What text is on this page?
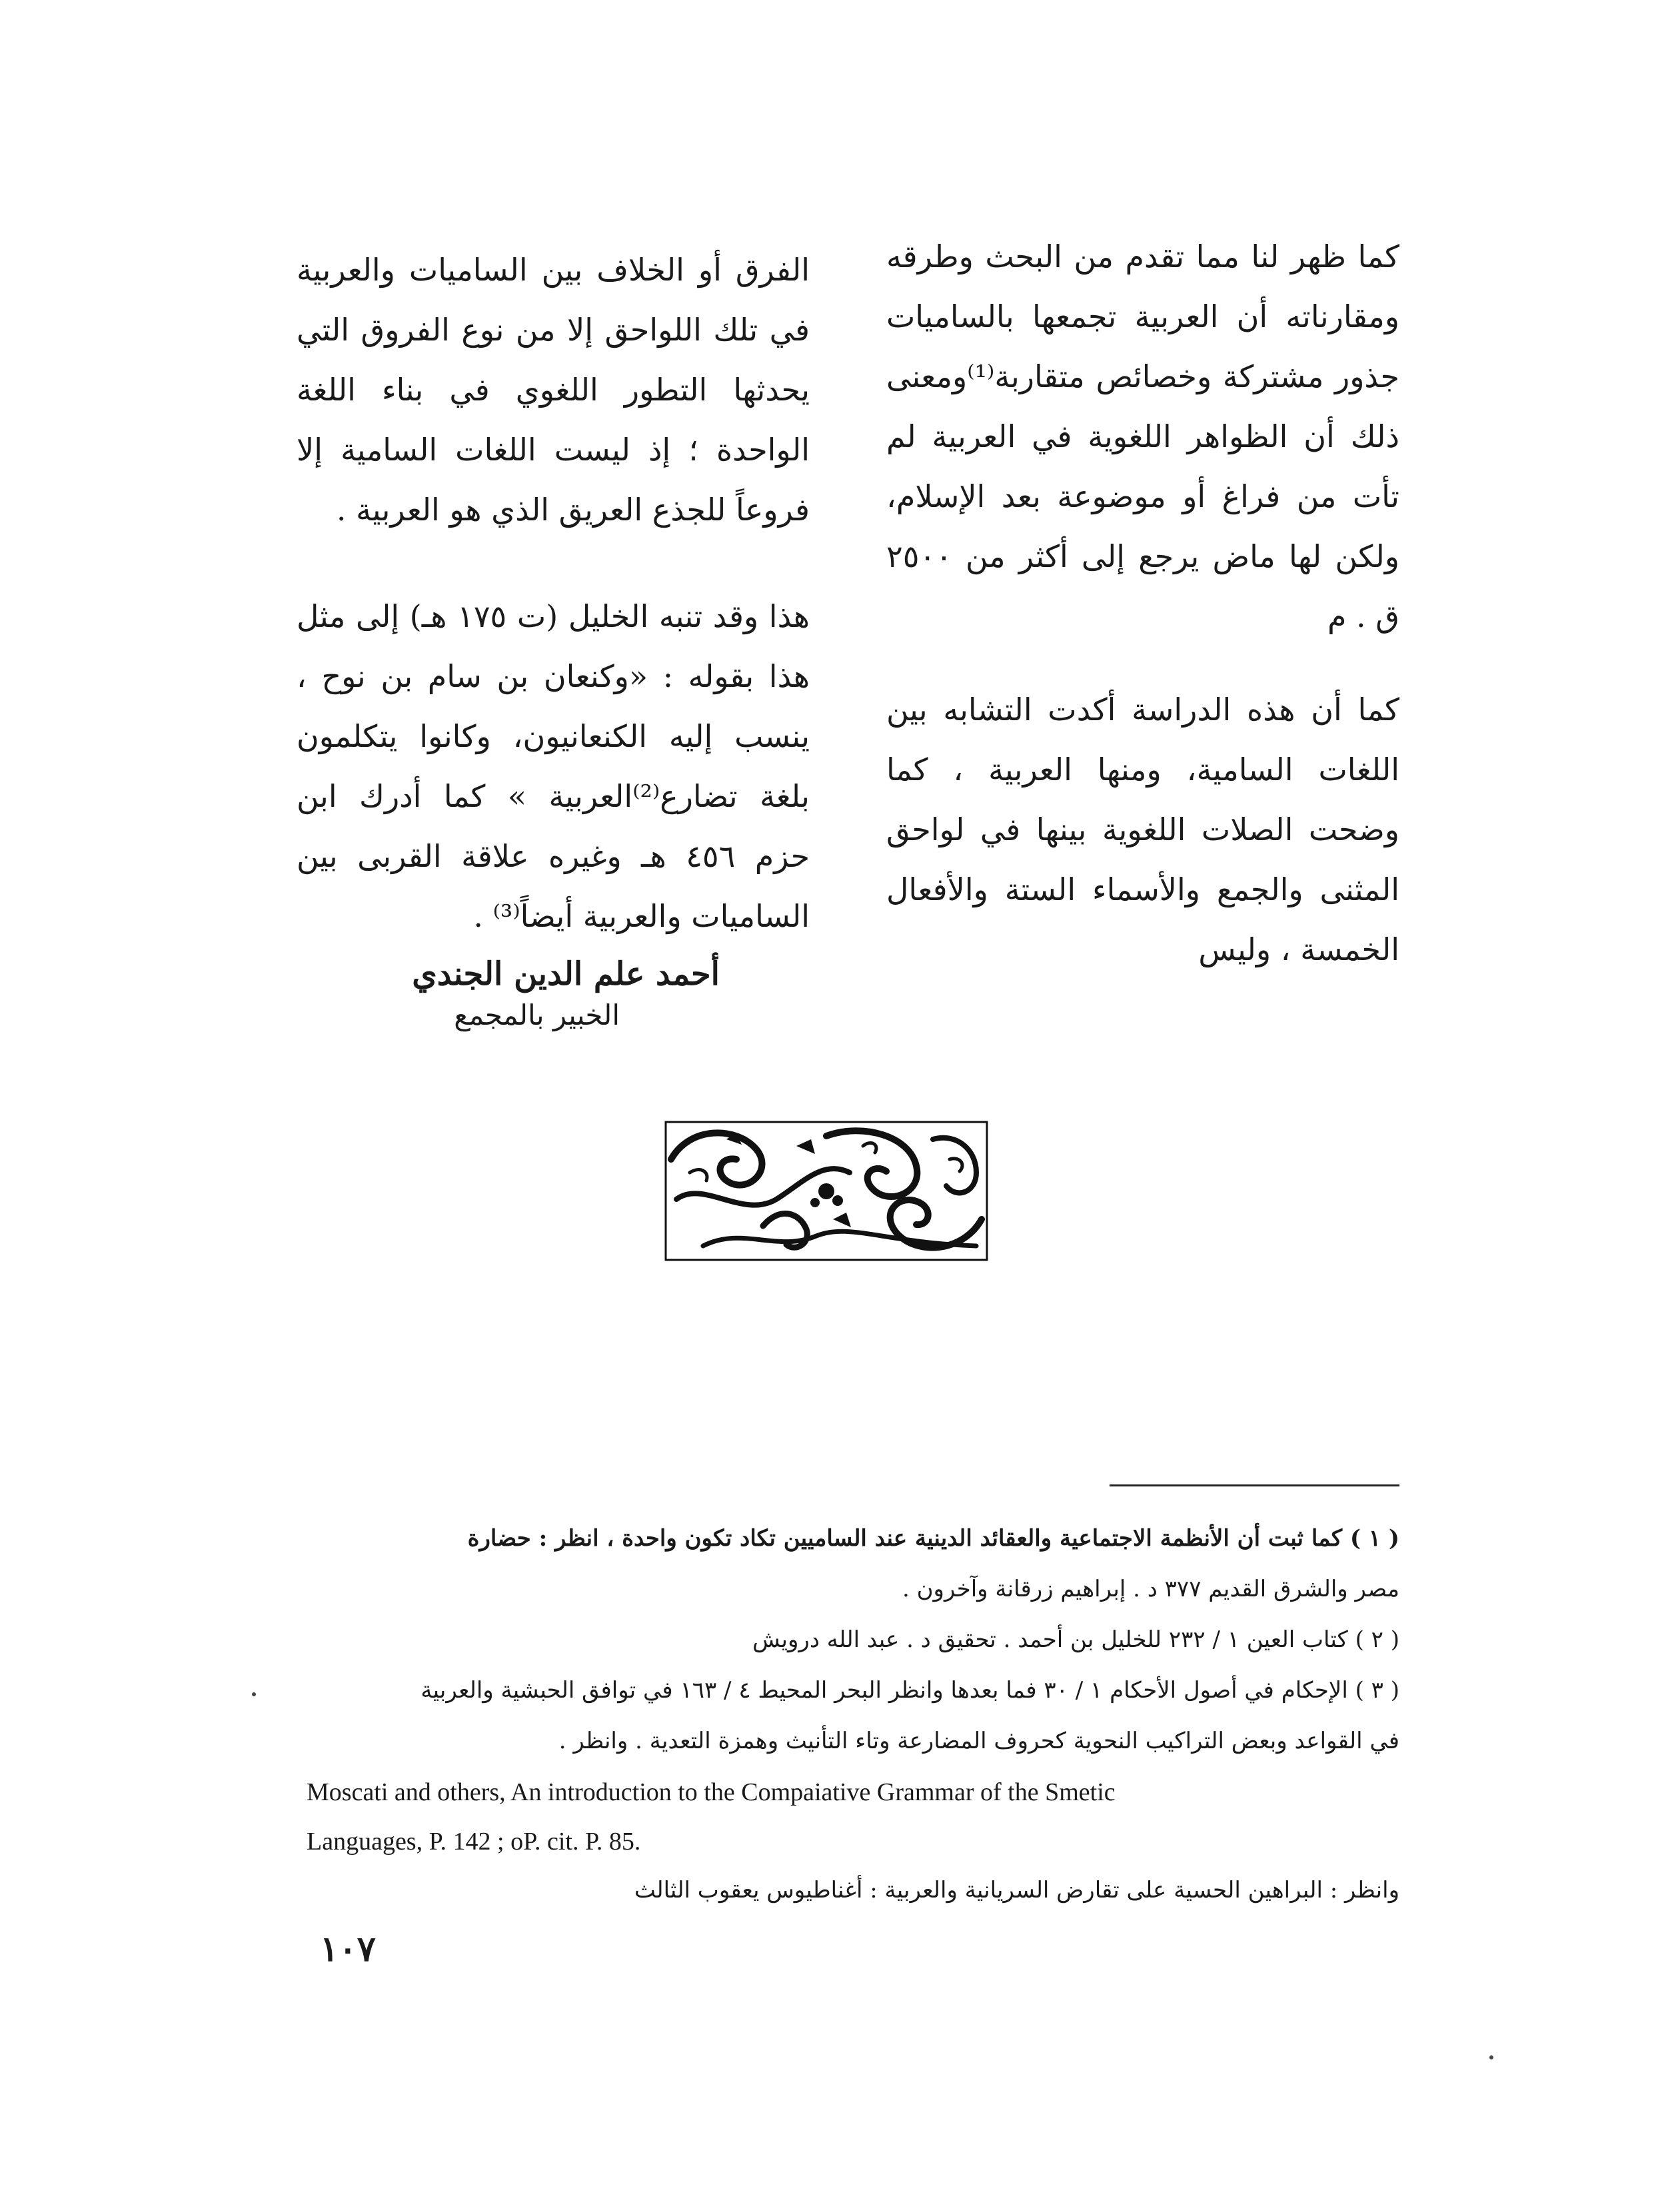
كما ظهر لنا مما تقدم من البحث وطرقه ومقارناته أن العربية تجمعها بالساميات جذور مشتركة وخصائص متقاربة⁽¹⁾ومعنى ذلك أن الظواهر اللغوية في العربية لم تأت من فراغ أو موضوعة بعد الإسلام، ولكن لها ماض يرجع إلى أكثر من ٢٥٠٠ ق . م

كما أن هذه الدراسة أكدت التشابه بين اللغات السامية، ومنها العربية ، كما وضحت الصلات اللغوية بينها في لواحق المثنى والجمع والأسماء الستة والأفعال الخمسة ، وليس

الفرق أو الخلاف بين الساميات والعربية في تلك اللواحق إلا من نوع الفروق التي يحدثها التطور اللغوي في بناء اللغة الواحدة ؛ إذ ليست اللغات السامية إلا فروعاً للجذع العريق الذي هو العربية .

هذا وقد تنبه الخليل (ت ١٧٥ هـ) إلى مثل هذا بقوله : «وكنعان بن سام بن نوح ، ينسب إليه الكنعانيون، وكانوا يتكلمون بلغة تضارع⁽²⁾العربية » كما أدرك ابن حزم ٤٥٦ هـ وغيره علاقة القربى بين الساميات والعربية أيضاً⁽³⁾ .

أحمد علم الدين الجندي
الخبير بالمجمع

( ١ ) كما ثبت أن الأنظمة الاجتماعية والعقائد الدينية عند الساميين تكاد تكون واحدة ، انظر : حضارة

مصر والشرق القديم ٣٧٧ د . إبراهيم زرقانة وآخرون .

( ٢ ) كتاب العين ١ / ٢٣٢ للخليل بن أحمد . تحقيق د . عبد الله درويش

( ٣ ) الإحكام في أصول الأحكام ١ / ٣٠ فما بعدها وانظر البحر المحيط ٤ / ١٦٣ في توافق الحبشية والعربية

في القواعد وبعض التراكيب النحوية كحروف المضارعة وتاء التأنيث وهمزة التعدية . وانظر .

Moscati and others, An introduction to the Compaiative Grammar of the Smetic

Languages, P. 142 ; oP. cit. P. 85.

وانظر : البراهين الحسية على تقارض السريانية والعربية : أغناطيوس يعقوب الثالث

١٠٧
